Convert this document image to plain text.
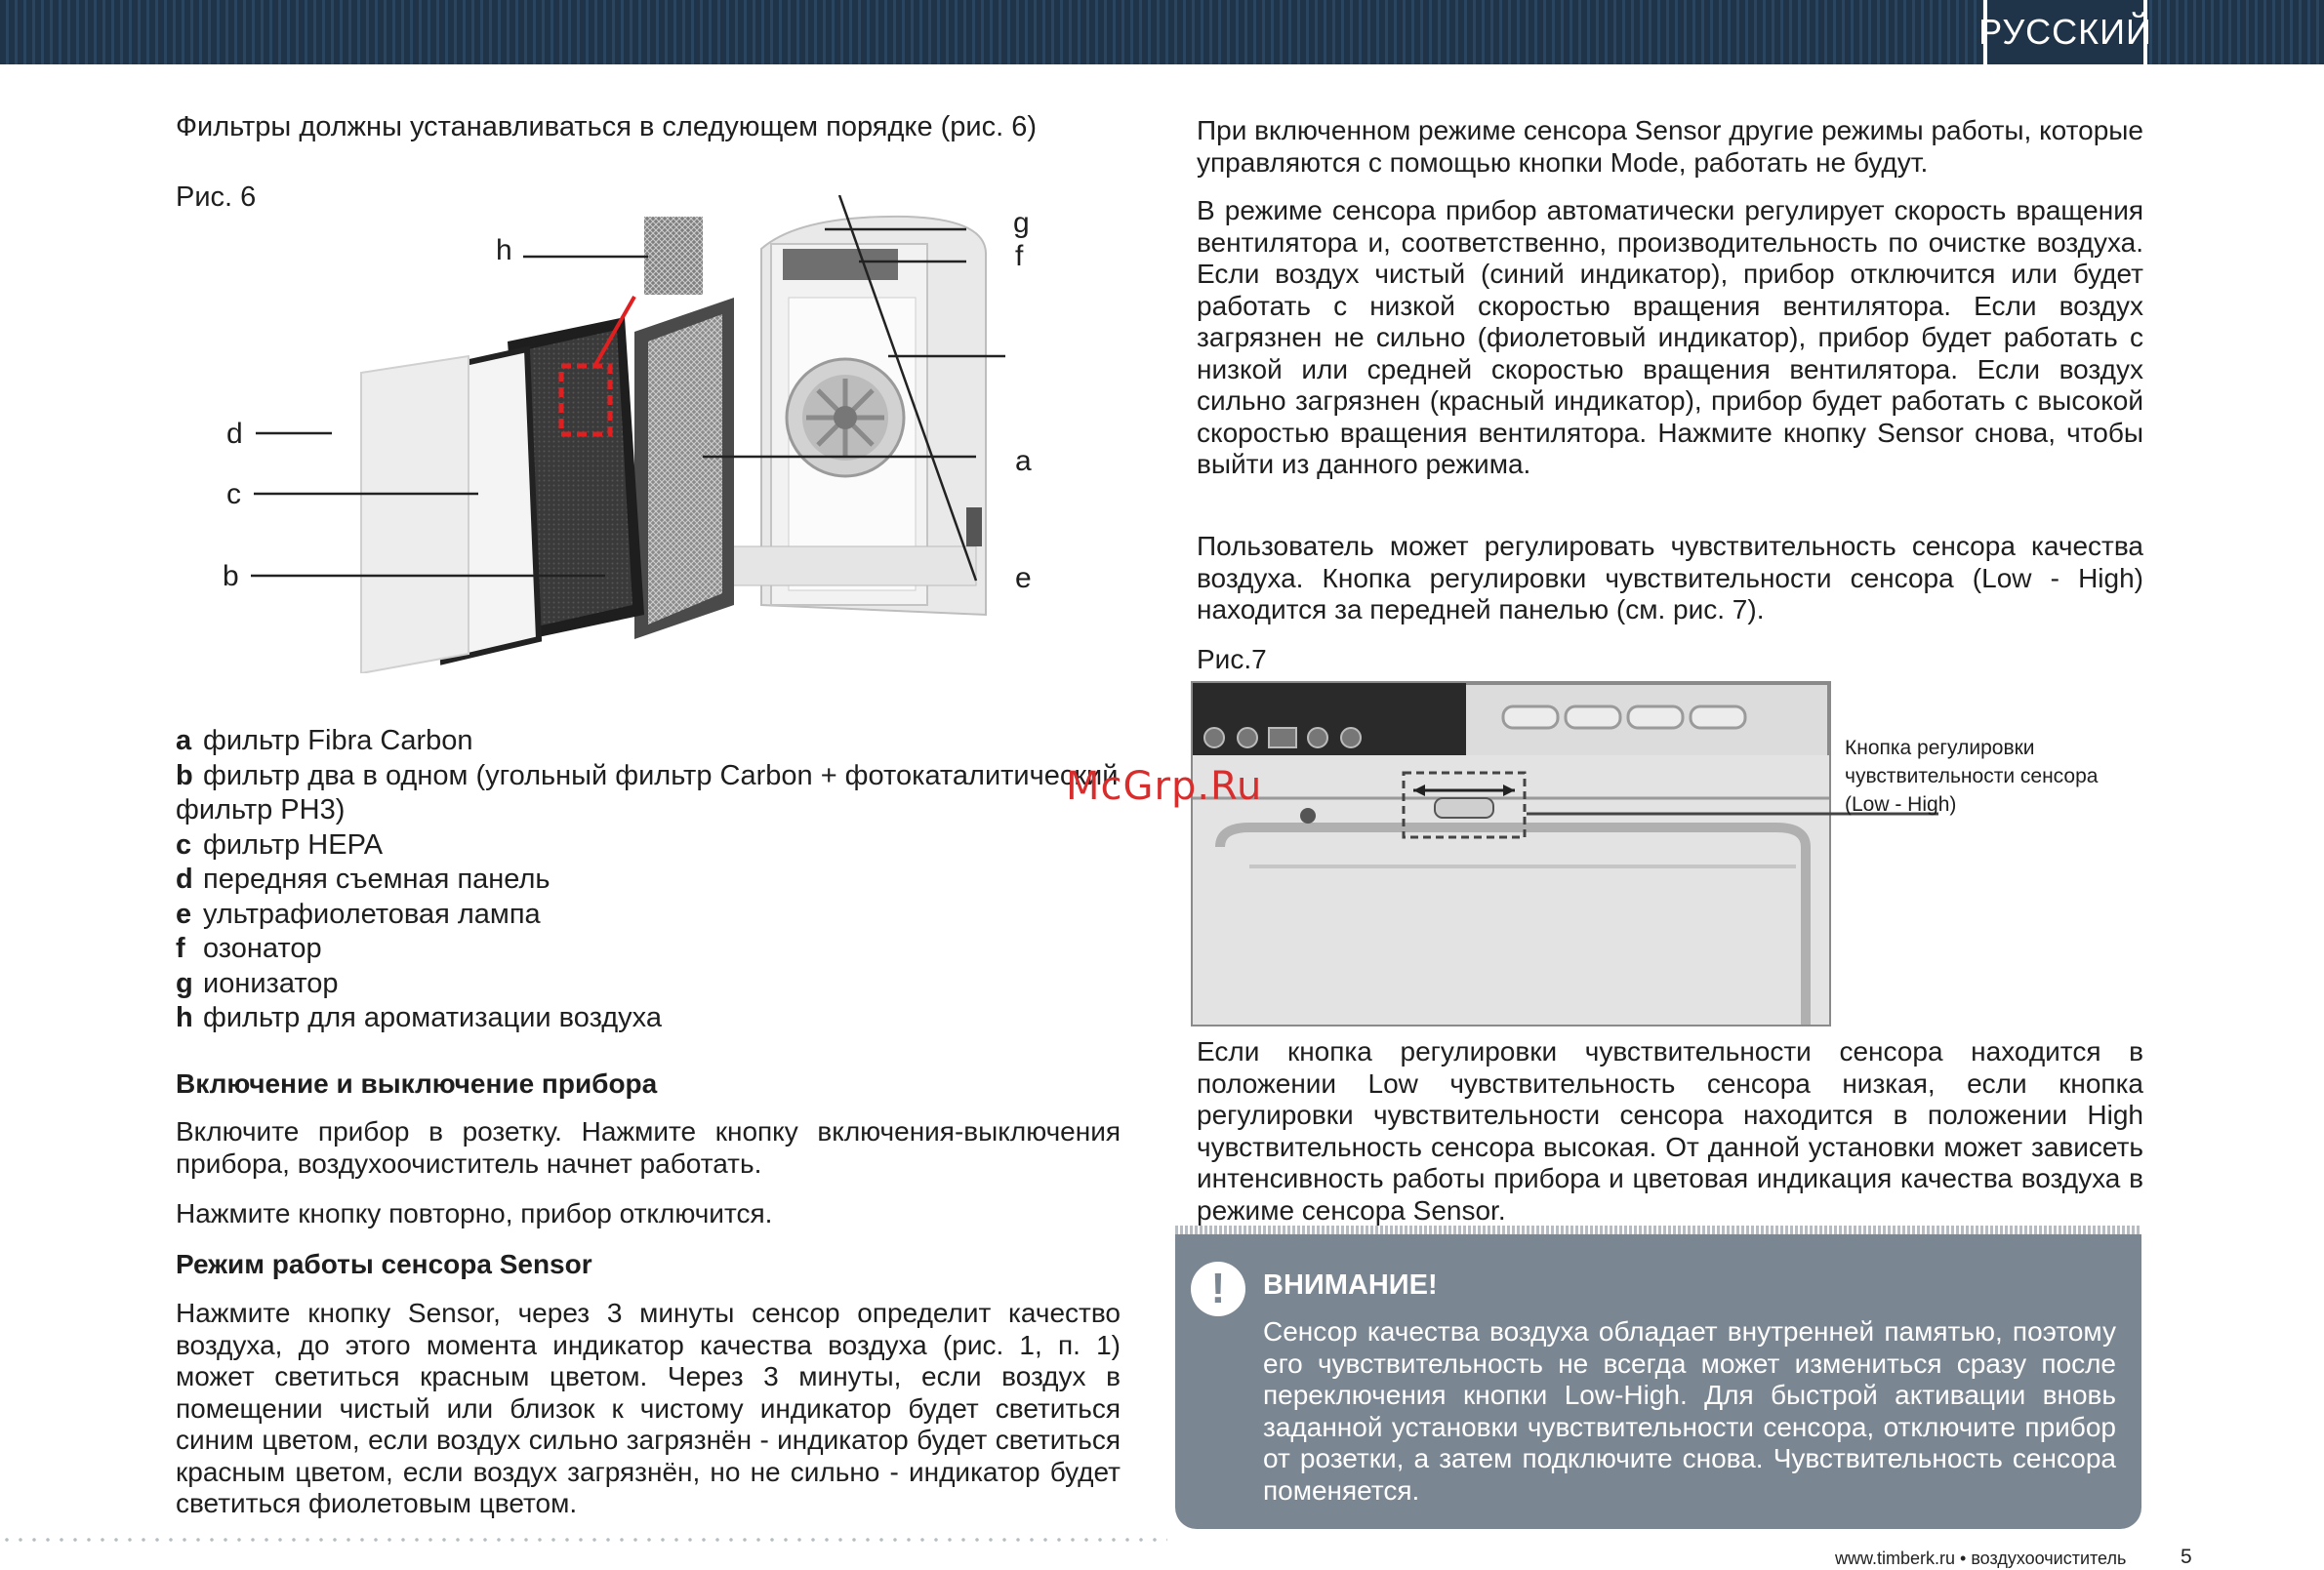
РУССКИЙ

Фильтры должны устанавливаться в следующем порядке (рис. 6)

Рис. 6

h
g
f
d
c
a
b	e
a фильтр Fibra Carbon
b фильтр два в одном (угольный фильтр Carbon + фотокаталитический
фильтр PH3)
c фильтр HEPA
d передняя съемная панель
e ультрафиолетовая лампа
f озонатор
g ионизатор
h фильтр для ароматизации воздуха

Включение и выключение прибора

Включите прибор в розетку. Нажмите кнопку включения-выключения прибора, воздухоочиститель начнет работать.

Нажмите кнопку повторно, прибор отключится.

Режим работы сенсора Sensor

Нажмите кнопку Sensor, через 3 минуты сенсор определит качество воздуха, до этого момента индикатор качества воздуха (рис. 1, п. 1) может светиться красным цветом. Через 3 минуты, если воздух в помещении чистый или близок к чистому индикатор будет светиться синим цветом, если воздух сильно загрязнён - индикатор будет светиться красным цветом, если воздух загрязнён, но не сильно - индикатор будет светиться фиолетовым цветом.

При включенном режиме сенсора Sensor другие режимы работы, которые управляются с помощью кнопки Mode, работать не будут.

В режиме сенсора прибор автоматически регулирует скорость вращения вентилятора и, соответственно, производительность по очистке воздуха. Если воздух чистый (синий индикатор), прибор отключится или будет работать с низкой скоростью вращения вентилятора. Если воздух загрязнен не сильно (фиолетовый индикатор), прибор будет работать с низкой или средней скоростью вращения вентилятора. Если воздух сильно загрязнен (красный индикатор), прибор будет работать с высокой скоростью вращения вентилятора. Нажмите кнопку Sensor снова, чтобы выйти из данного режима.

Пользователь может регулировать чувствительность сенсора качества воздуха. Кнопка регулировки чувствительности сенсора (Low - High) находится за передней панелью (см. рис. 7).

Рис.7

Кнопка регулировки
чувствительности сенсора
(Low - High)

Если кнопка регулировки чувствительности сенсора находится в положении Low чувствительность сенсора низкая, если кнопка регулировки чувствительности сенсора находится в положении High чувствительность сенсора высокая. От данной установки может зависеть интенсивность работы прибора и цветовая индикация качества воздуха в режиме сенсора Sensor.

!	ВНИМАНИЕ!

Сенсор качества воздуха обладает внутренней памятью, поэтому его чувствительность не всегда может измениться сразу после переключения кнопки Low-High. Для быстрой активации вновь заданной установки чувствительности сенсора, отключите прибор от розетки, а затем подключите снова. Чувствительность сенсора поменяется.

McGrp.Ru
www.timberk.ru • воздухоочиститель	5
